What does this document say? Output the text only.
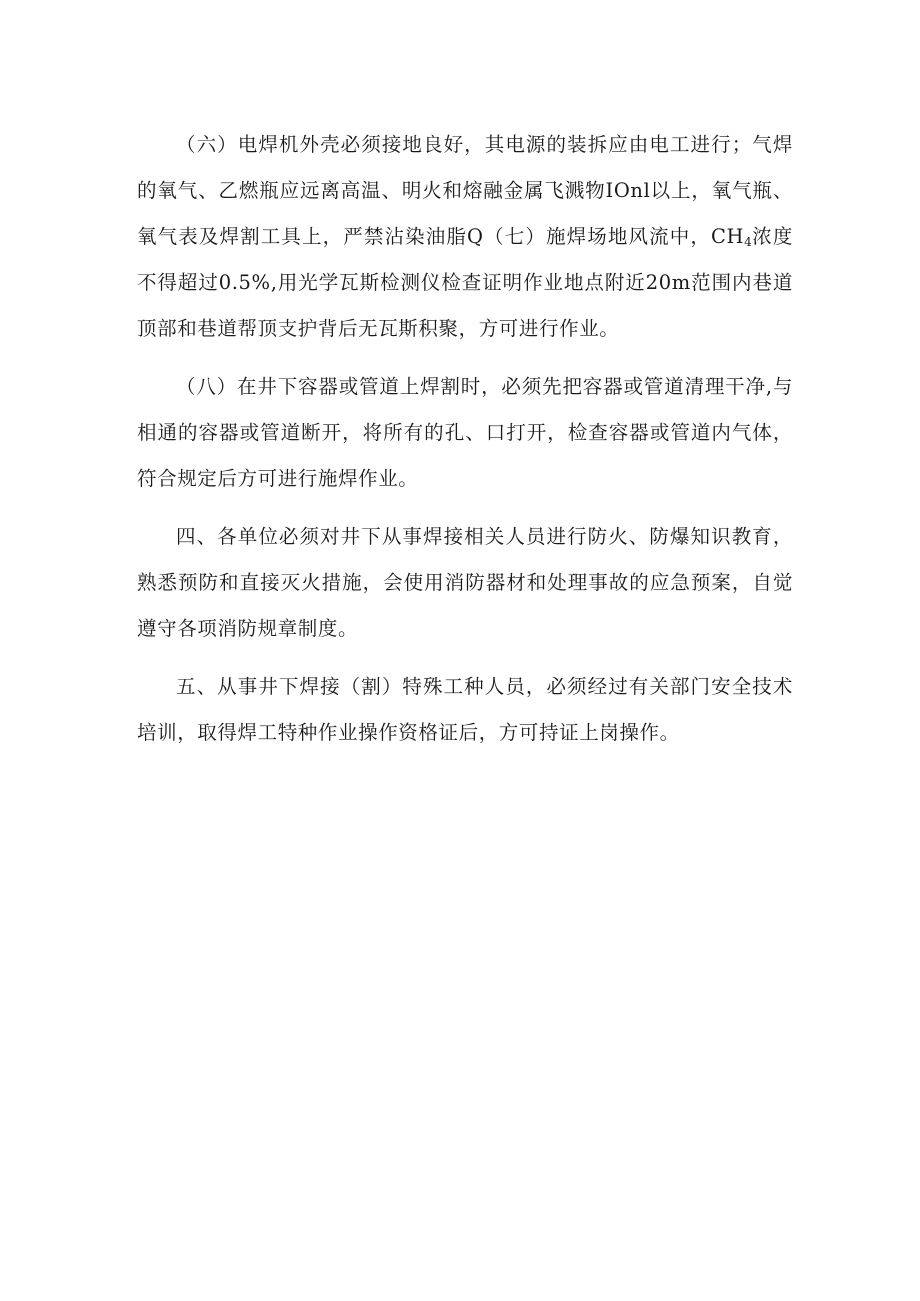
（六）电焊机外壳必须接地良好，其电源的装拆应由电工进行；气焊的氧气、乙燃瓶应远离高温、明火和熔融金属飞溅物IOnl以上，氧气瓶、氧气表及焊割工具上，严禁沾染油脂Q（七）施焊场地风流中，$CH_4$浓度不得超过0.5%,用光学瓦斯检测仪检查证明作业地点附近20m范围内巷道顶部和巷道帮顶支护背后无瓦斯积聚，方可进行作业。

（八）在井下容器或管道上焊割时，必须先把容器或管道清理干净,与相通的容器或管道断开，将所有的孔、口打开，检查容器或管道内气体，符合规定后方可进行施焊作业。

四、各单位必须对井下从事焊接相关人员进行防火、防爆知识教育，熟悉预防和直接灭火措施，会使用消防器材和处理事故的应急预案，自觉遵守各项消防规章制度。

五、从事井下焊接（割）特殊工种人员，必须经过有关部门安全技术培训，取得焊工特种作业操作资格证后，方可持证上岗操作。
